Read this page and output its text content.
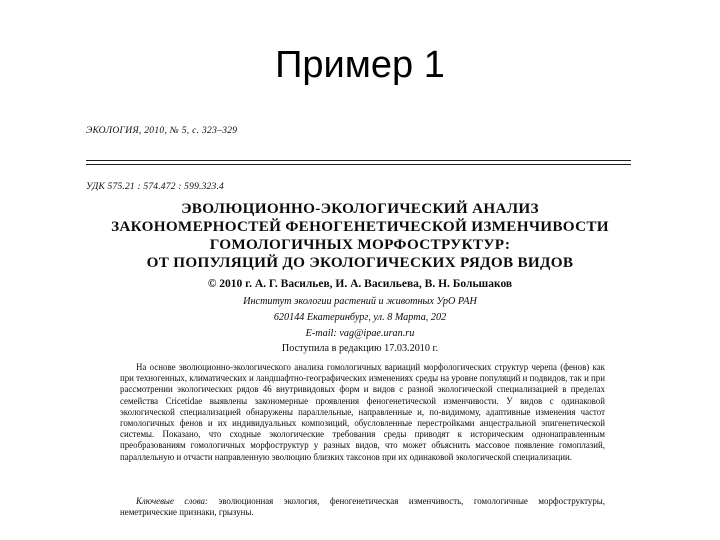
Пример 1
ЭКОЛОГИЯ, 2010, № 5, с. 323–329
УДК 575.21 : 574.472 : 599.323.4
ЭВОЛЮЦИОННО-ЭКОЛОГИЧЕСКИЙ АНАЛИЗ
ЗАКОНОМЕРНОСТЕЙ ФЕНОГЕНЕТИЧЕСКОЙ ИЗМЕНЧИВОСТИ
ГОМОЛОГИЧНЫХ МОРФОСТРУКТУР:
ОТ ПОПУЛЯЦИЙ ДО ЭКОЛОГИЧЕСКИХ РЯДОВ ВИДОВ
© 2010 г. А. Г. Васильев, И. А. Васильева, В. Н. Большаков
Институт экологии растений и животных УрО РАН
620144 Екатеринбург, ул. 8 Марта, 202
E-mail: vag@ipae.uran.ru
Поступила в редакцию 17.03.2010 г.
На основе эволюционно-экологического анализа гомологичных вариаций морфологических структур черепа (фенов) как при техногенных, климатических и ландшафтно-географических изменениях среды на уровне популяций и подвидов, так и при рассмотрении экологических рядов 46 внутривидовых форм и видов с разной экологической специализацией в пределах семейства Cricetidae выявлены закономерные проявления феногенетической изменчивости. У видов с одинаковой экологической специализацией обнаружены параллельные, направленные и, по-видимому, адаптивные изменения частот гомологичных фенов и их индивидуальных композиций, обусловленные перестройками анцестральной эпигенетической системы. Показано, что сходные экологические требования среды приводят к историческим однонаправленным преобразованиям гомологичных морфоструктур у разных видов, что может объяснить массовое появление гомоплазий, параллельную и отчасти направленную эволюцию близких таксонов при их одинаковой экологической специализации.
Ключевые слова: эволюционная экология, феногенетическая изменчивость, гомологичные морфоструктуры, неметрические признаки, грызуны.
